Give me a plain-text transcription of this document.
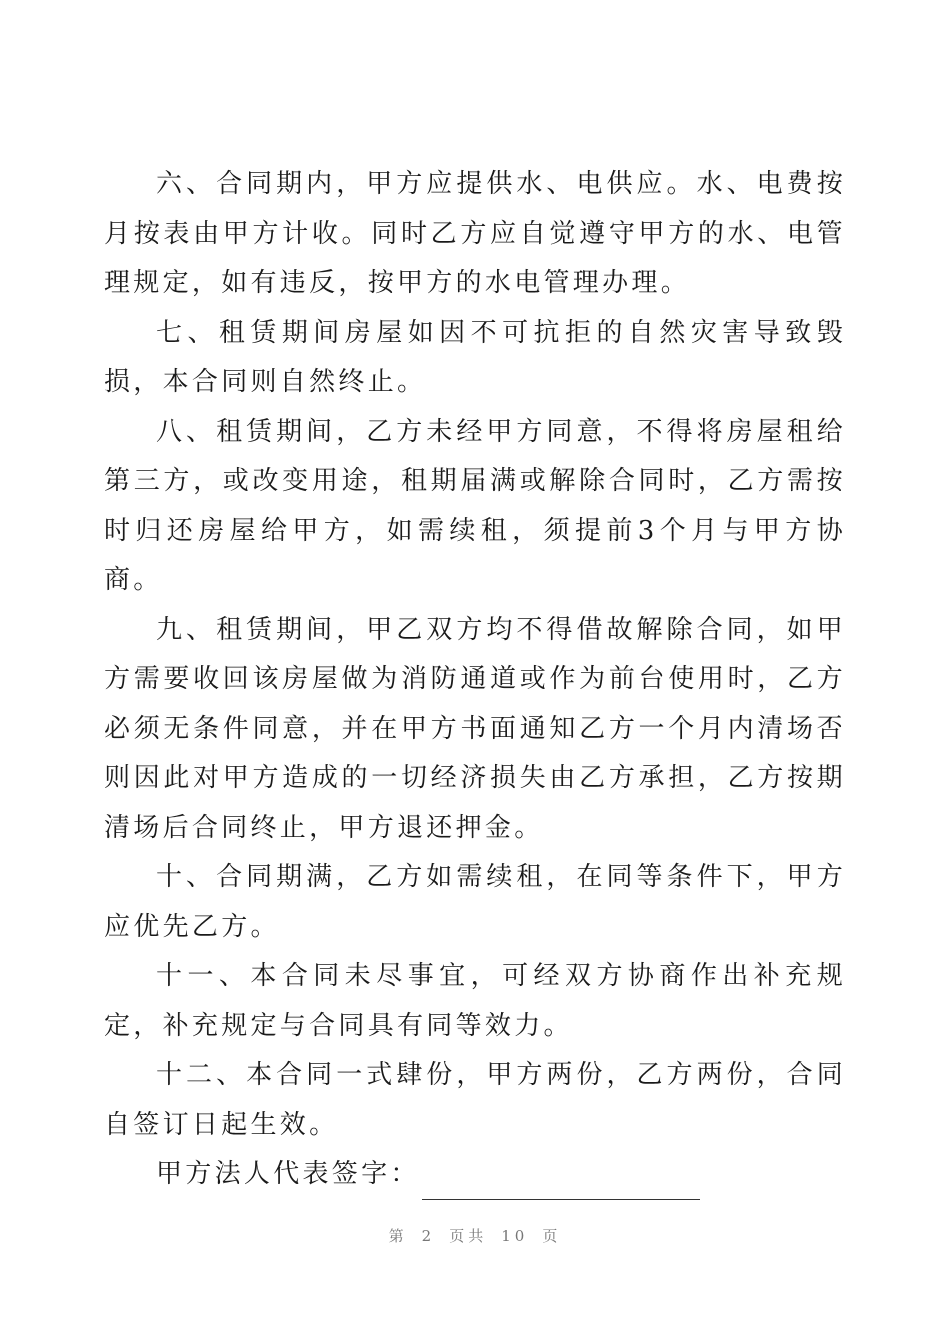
六、合同期内，甲方应提供水、电供应。水、电费按月按表由甲方计收。同时乙方应自觉遵守甲方的水、电管理规定，如有违反，按甲方的水电管理办理。

七、租赁期间房屋如因不可抗拒的自然灾害导致毁损，本合同则自然终止。

八、租赁期间，乙方未经甲方同意，不得将房屋租给第三方，或改变用途，租期届满或解除合同时，乙方需按时归还房屋给甲方，如需续租，须提前3个月与甲方协商。

九、租赁期间，甲乙双方均不得借故解除合同，如甲方需要收回该房屋做为消防通道或作为前台使用时，乙方必须无条件同意，并在甲方书面通知乙方一个月内清场否则因此对甲方造成的一切经济损失由乙方承担，乙方按期清场后合同终止，甲方退还押金。

十、合同期满，乙方如需续租，在同等条件下，甲方应优先乙方。

十一、本合同未尽事宜，可经双方协商作出补充规定，补充规定与合同具有同等效力。

十二、本合同一式肆份，甲方两份，乙方两份，合同自签订日起生效。

甲方法人代表签字：

第 2 页共 10 页
